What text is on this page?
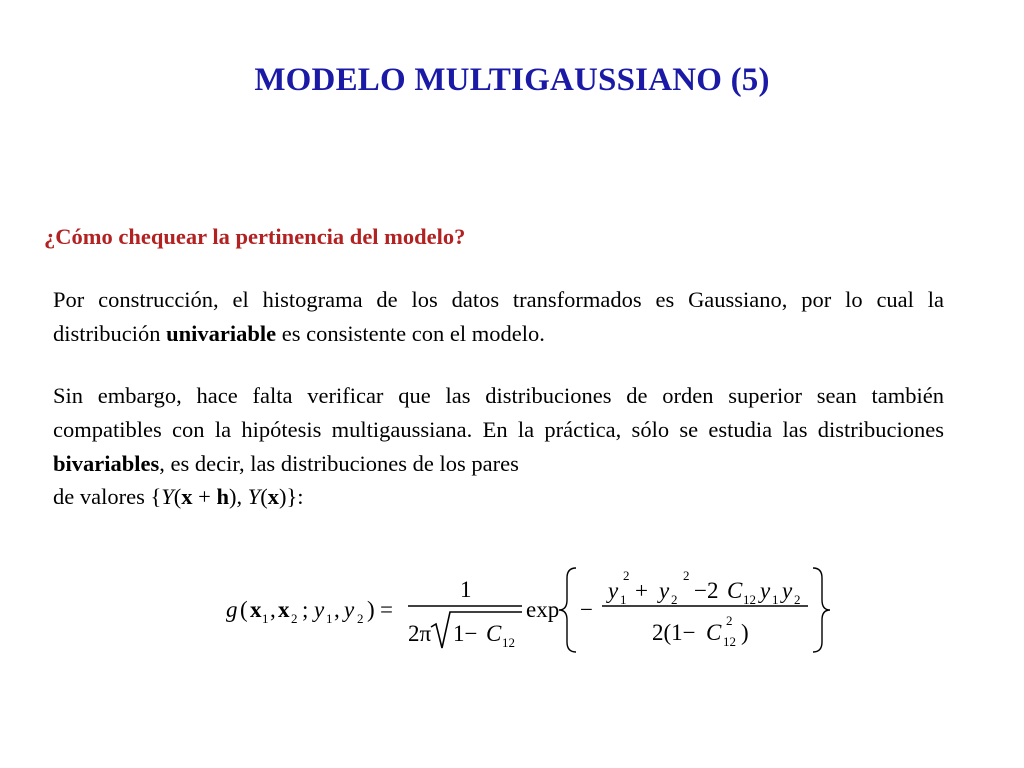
MODELO MULTIGAUSSIANO (5)
¿Cómo chequear la pertinencia del modelo?
Por construcción, el histograma de los datos transformados es Gaussiano, por lo cual la distribución univariable es consistente con el modelo.
Sin embargo, hace falta verificar que las distribuciones de orden superior sean también compatibles con la hipótesis multigaussiana. En la práctica, sólo se estudia las distribuciones bivariables, es decir, las distribuciones de los pares
de valores {Y(x + h), Y(x)}:
g ( x 1 , x 2 ; y 1 , y 2 ) =
1
2π 1− C 12
exp −
y 1
2
+ y 2
2
−2 C 12 y 1 y 2
2(1− C 12
2 )
